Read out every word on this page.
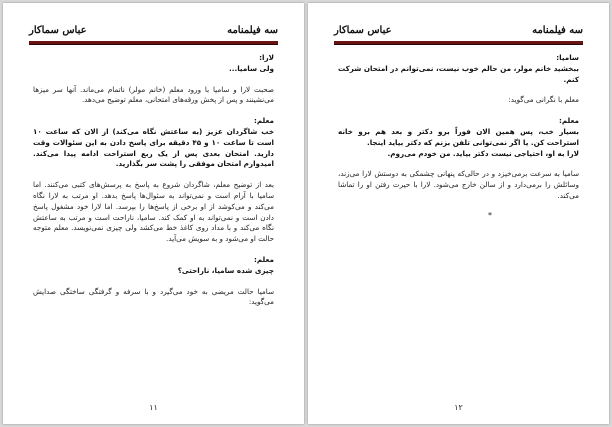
عباس سماکار	سه فیلمنامه
لارا:
ولی ساميا...

صحبت لارا و ساميا با ورود معلم (خانم مولر) ناتمام می‌ماند. آنها سر میزها می‌نشینند و پس از پخش ورقه‌های امتحانی، معلم توضیح می‌دهد.

معلم:
خب شاگردان عزیز (به ساعتش نگاه می‌کند) از الان که ساعت ۱۰ است تا ساعت ۱۰ و ۴۵ دقیقه برای پاسخ دادن به این سئوالات وقت دارید. امتحان بعدی پس از یک ربع استراحت ادامه پیدا می‌کند. امیدوارم امتحان موفقی را پشت سر بگذارید.

بعد از توضیح معلم، شاگردان شروع به پاسخ به پرسش‌های کتبی می‌کنند. اما ساميا با آرام است و نمی‌تواند به سئوال‌ها پاسخ بدهد. او مرتب به لارا نگاه می‌کند و می‌کوشد از او برخی از پاسخ‌ها را بپرسد. اما لارا خود مشغول پاسخ دادن است و نمی‌تواند به او کمک کند. ساميا، ناراحت است و مرتب به ساعتش نگاه می‌کند و با مداد روی کاغذ خط می‌کشد ولی چیزی نمی‌نویسد. معلم متوجه حالت او می‌شود و به سویش می‌آید.

معلم:
چیزی شده ساميا، ناراحتی؟

ساميا حالت مریضی به خود می‌گیرد و با سرفه و گرفتگی ساختگی صدایش می‌گوید:

۱۱
عباس سماکار	سه فیلمنامه
ساميا:
ببخشید خانم مولر، من حالم خوب نیست، نمی‌توانم در امتحان شرکت کنم.

معلم با نگرانی می‌گوید:

معلم:
بسیار خب، پس همین الان فوراً برو دکتر و بعد هم برو خانه استراحت کن. یا اگر نمی‌توانی تلفن بزنم که دکتر بیاید اینجا.
لارا به او، احتیاجی نیست دکتر بیاید. من خودم می‌روم.

ساميا به سرعت برمی‌خیزد و در حالی‌که پنهانی چشمکی به دوستش لارا می‌زند، وسائلش را برمی‌دارد و از سالن خارج می‌شود. لارا با حیرت رفتن او را تماشا می‌کند.

*
۱۲
